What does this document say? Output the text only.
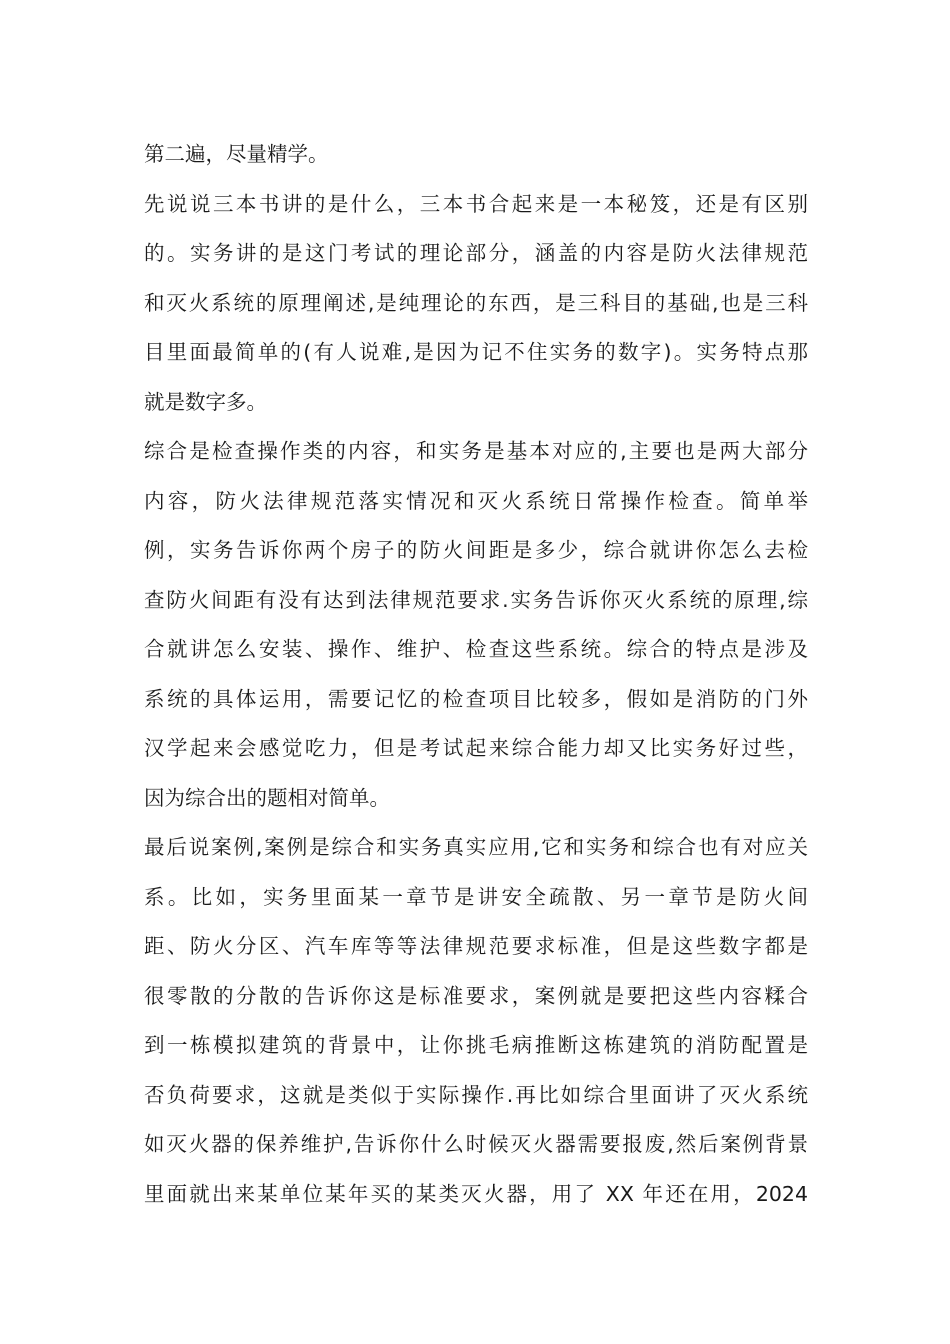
第二遍，尽量精学。
先说说三本书讲的是什么，三本书合起来是一本秘笈，还是有区别
的。实务讲的是这门考试的理论部分，涵盖的内容是防火法律规范
和灭火系统的原理阐述,是纯理论的东西，是三科目的基础,也是三科
目里面最简单的(有人说难,是因为记不住实务的数字)。实务特点那
就是数字多。
综合是检查操作类的内容，和实务是基本对应的,主要也是两大部分
内容，防火法律规范落实情况和灭火系统日常操作检查。简单举
例，实务告诉你两个房子的防火间距是多少，综合就讲你怎么去检
查防火间距有没有达到法律规范要求.实务告诉你灭火系统的原理,综
合就讲怎么安装、操作、维护、检查这些系统。综合的特点是涉及
系统的具体运用，需要记忆的检查项目比较多，假如是消防的门外
汉学起来会感觉吃力，但是考试起来综合能力却又比实务好过些，
因为综合出的题相对简单。
最后说案例,案例是综合和实务真实应用,它和实务和综合也有对应关
系。比如，实务里面某一章节是讲安全疏散、另一章节是防火间
距、防火分区、汽车库等等法律规范要求标准，但是这些数字都是
很零散的分散的告诉你这是标准要求，案例就是要把这些内容糅合
到一栋模拟建筑的背景中，让你挑毛病推断这栋建筑的消防配置是
否负荷要求，这就是类似于实际操作.再比如综合里面讲了灭火系统
如灭火器的保养维护,告诉你什么时候灭火器需要报废,然后案例背景
里面就出来某单位某年买的某类灭火器，用了 XX 年还在用，2024
